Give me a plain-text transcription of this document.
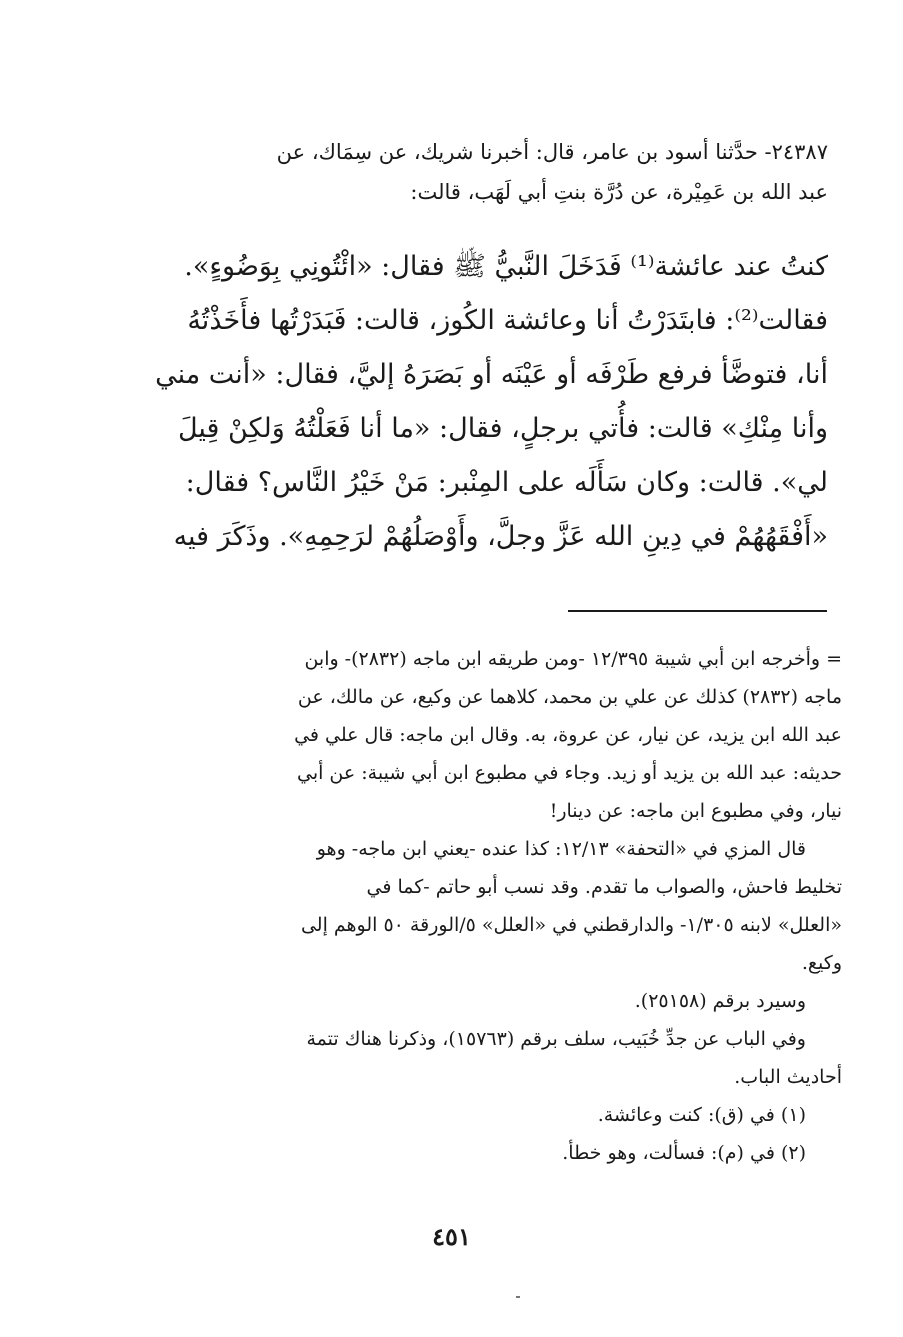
٢٤٣٨٧- حدَّثنا أسود بن عامر، قال: أخبرنا شريك، عن سِمَاك، عن

عبد الله بن عَمِيْرة، عن دُرَّة بنتِ أبي لَهَب، قالت:

كنتُ عند عائشة⁽¹⁾ فَدَخَلَ النَّبيُّ ﷺ فقال: «ائْتُونِي بِوَضُوءٍ».

فقالت⁽²⁾: فابتَدَرْتُ أنا وعائشة الكُوز، قالت: فَبَدَرْتُها فأَخَذْتُهُ

أنا، فتوضَّأ فرفع طَرْفَه أو عَيْنَه أو بَصَرَهُ إليَّ، فقال: «أنت مني

وأنا مِنْكِ» قالت: فأُتي برجلٍ، فقال: «ما أنا فَعَلْتُهُ وَلكِنْ قِيلَ

لي». قالت: وكان سَأَلَه على المِنْبر: مَنْ خَيْرُ النَّاس؟ فقال:

«أَفْقَهُهُمْ في دِينِ الله عَزَّ وجلَّ، وأَوْصَلُهُمْ لرَحِمِهِ». وذَكَرَ فيه

= وأخرجه ابن أبي شيبة ١٢/٣٩٥ -ومن طريقه ابن ماجه (٢٨٣٢)- وابن

ماجه (٢٨٣٢) كذلك عن علي بن محمد، كلاهما عن وكيع، عن مالك، عن

عبد الله ابن يزيد، عن نيار، عن عروة، به. وقال ابن ماجه: قال علي في

حديثه: عبد الله بن يزيد أو زيد. وجاء في مطبوع ابن أبي شيبة: عن أبي

نيار، وفي مطبوع ابن ماجه: عن دينار!

قال المزي في «التحفة» ١٢/١٣: كذا عنده -يعني ابن ماجه- وهو

تخليط فاحش، والصواب ما تقدم. وقد نسب أبو حاتم -كما في

«العلل» لابنه ١/٣٠٥- والدارقطني في «العلل» ٥/الورقة ٥٠ الوهم إلى

وكيع.

وسيرد برقم (٢٥١٥٨).

وفي الباب عن جدِّ خُبَيب، سلف برقم (١٥٧٦٣)، وذكرنا هناك تتمة

أحاديث الباب.

(١) في (ق): كنت وعائشة.

(٢) في (م): فسألت، وهو خطأ.

٤٥١
